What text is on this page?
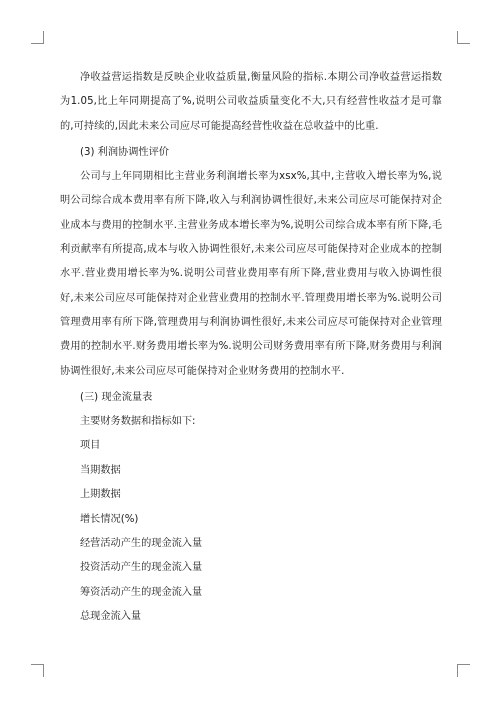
净收益营运指数是反映企业收益质量,衡量风险的指标.本期公司净收益营运指数为1.05,比上年同期提高了%,说明公司收益质量变化不大,只有经营性收益才是可靠的,可持续的,因此未来公司应尽可能提高经营性收益在总收益中的比重.

(3) 利润协调性评价

公司与上年同期相比主营业务利润增长率为xsx%,其中,主营收入增长率为%,说明公司综合成本费用率有所下降,收入与利润协调性很好,未来公司应尽可能保持对企业成本与费用的控制水平.主营业务成本增长率为%,说明公司综合成本率有所下降,毛利贡献率有所提高,成本与收入协调性很好,未来公司应尽可能保持对企业成本的控制水平.营业费用增长率为%.说明公司营业费用率有所下降,营业费用与收入协调性很好,未来公司应尽可能保持对企业营业费用的控制水平.管理费用增长率为%.说明公司管理费用率有所下降,管理费用与利润协调性很好,未来公司应尽可能保持对企业管理费用的控制水平.财务费用增长率为%.说明公司财务费用率有所下降,财务费用与利润协调性很好,未来公司应尽可能保持对企业财务费用的控制水平.

(三) 现金流量表

主要财务数据和指标如下:

项目
当期数据
上期数据
增长情况(%)
经营活动产生的现金流入量
投资活动产生的现金流入量
筹资活动产生的现金流入量
总现金流入量
